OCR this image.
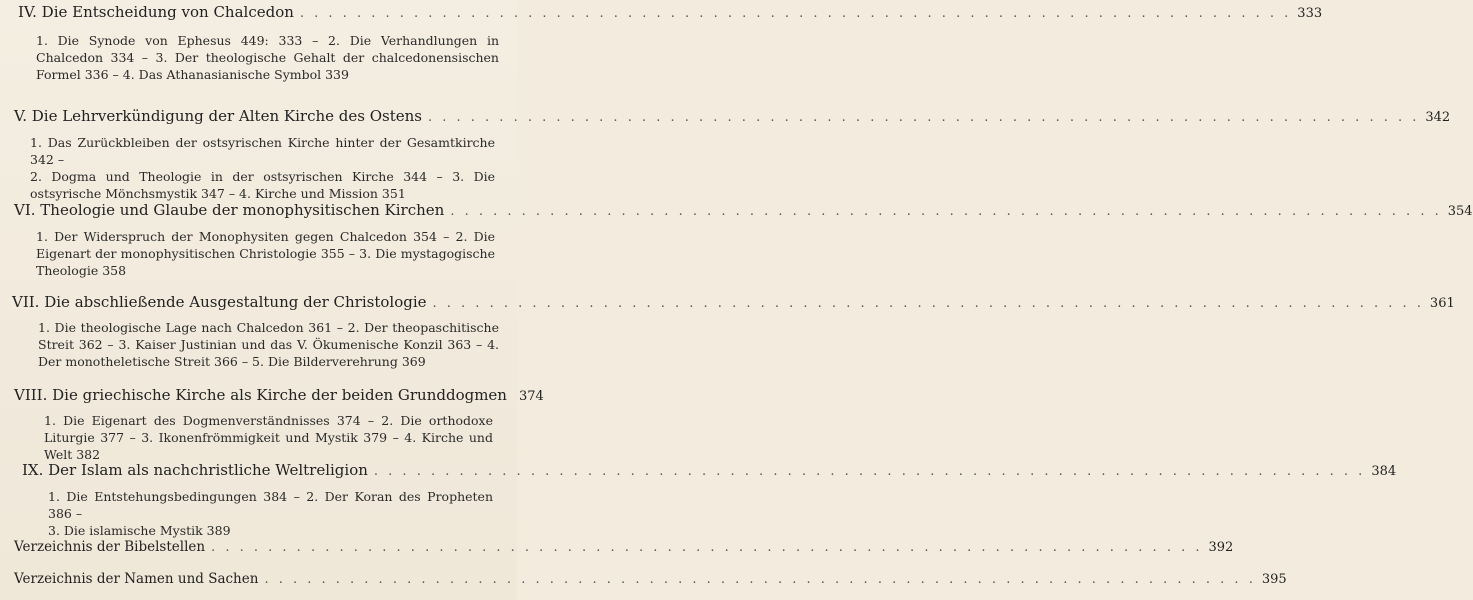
IV. Die Entscheidung von Chalcedon . . .	333
1. Die Synode von Ephesus 449: 333 – 2. Die Verhandlungen in Chalcedon 334 – 3. Der theologische Gehalt der chalcedonensischen Formel 336 – 4. Das Athanasianische Symbol 339
V. Die Lehrverkündigung der Alten Kirche des Ostens . . .	342
1. Das Zurückbleiben der ostsyrischen Kirche hinter der Gesamtkirche 342 –
2. Dogma und Theologie in der ostsyrischen Kirche 344 – 3. Die ostsyrische Mönchsmystik 347 – 4. Kirche und Mission 351
VI. Theologie und Glaube der monophysitischen Kirchen . . .	354
1. Der Widerspruch der Monophysiten gegen Chalcedon 354 – 2. Die Eigenart der monophysitischen Christologie 355 – 3. Die mystagogische Theologie 358
VII. Die abschließende Ausgestaltung der Christologie . . .	361
1. Die theologische Lage nach Chalcedon 361 – 2. Der theopaschitische Streit 362 – 3. Kaiser Justinian und das V. Ökumenische Konzil 363 – 4. Der monotheletische Streit 366 – 5. Die Bilderverehrung 369
VIII. Die griechische Kirche als Kirche der beiden Grunddogmen 374
1. Die Eigenart des Dogmenverständnisses 374 – 2. Die orthodoxe Liturgie 377 – 3. Ikonenfrömmigkeit und Mystik 379 – 4. Kirche und Welt 382
IX. Der Islam als nachchristliche Weltreligion . . .	384
1. Die Entstehungsbedingungen 384 – 2. Der Koran des Propheten 386 –
3. Die islamische Mystik 389
Verzeichnis der Bibelstellen . . .	392
Verzeichnis der Namen und Sachen . . .	395
